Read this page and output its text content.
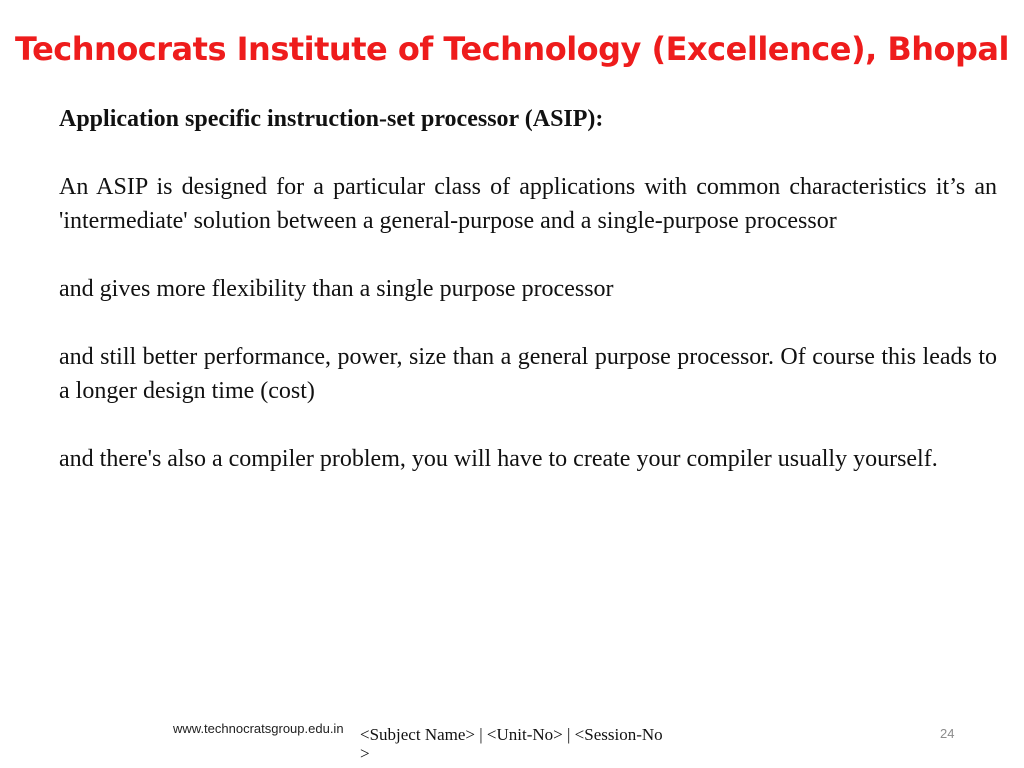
Technocrats Institute of Technology (Excellence), Bhopal

Application specific instruction-set processor (ASIP):

An ASIP is designed for a particular class of applications with common characteristics it’s an 'intermediate' solution between a general-purpose and a single-purpose processor

and gives more flexibility than a single purpose processor

and still better performance, power, size than a general purpose processor. Of course this leads to a longer design time (cost)

and there's also a compiler problem, you will have to create your compiler usually yourself.

www.technocratsgroup.edu.in <Subject Name> | <Unit-No> | <Session-No>
24
